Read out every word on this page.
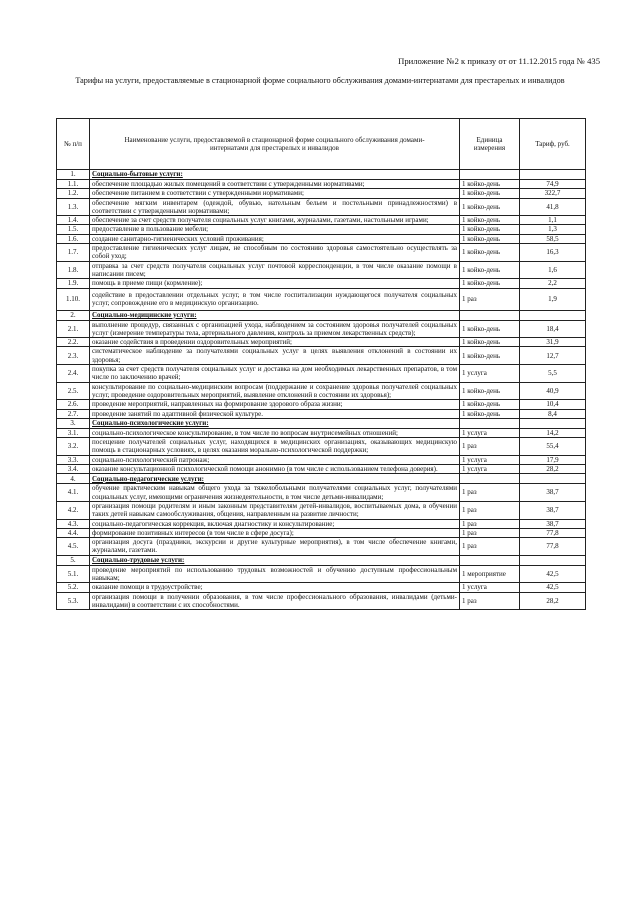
Приложение №2 к приказу от от 11.12.2015 года № 435
Тарифы на услуги, предоставляемые в стационарной форме социального обслуживания домами-интернатами для престарелых и инвалидов
№ п/п	Наименование услуги, предоставляемой в стационарной форме социального обслуживания домами-интернатами для престарелых и инвалидов	Единица измерения	Тариф, руб.
1.	Социально-бытовые услуги:		
1.1.	обеспечение площадью жилых помещений в соответствии с утвержденными нормативами;	1 койко-день	74,9
1.2.	обеспечение питанием в соответствии с утвержденными нормативами;	1 койко-день	322,7
1.3.	обеспечение мягким инвентарем (одеждой, обувью, нательным бельем и постельными принадлежностями) в соответствии с утвержденными нормативами;	1 койко-день	41,8
1.4.	обеспечение за счет средств получателя социальных услуг книгами, журналами, газетами, настольными играми;	1 койко-день	1,1
1.5.	предоставление в пользование мебели;	1 койко-день	1,3
1.6.	создание санитарно-гигиенических условий проживания;	1 койко-день	58,5
1.7.	предоставление гигиенических услуг лицам, не способным по состоянию здоровья самостоятельно осуществлять за собой уход;	1 койко-день	16,3
1.8.	отправка за счет средств получателя социальных услуг почтовой корреспонденции, в том числе оказание помощи в написании писем;	1 койко-день	1,6
1.9.	помощь в приеме пищи (кормление);	1 койко-день	2,2
1.10.	содействие в предоставлении отдельных услуг, в том числе госпитализации нуждающегося получателя социальных услуг, сопровождение его в медицинскую организацию.	1 раз	1,9
2.	Социально-медицинские услуги:		
2.1.	выполнение процедур, связанных с организацией ухода, наблюдением за состоянием здоровья получателей социальных услуг (измерение температуры тела, артериального давления, контроль за приемом лекарственных средств);	1 койко-день	18,4
2.2.	оказание содействия в проведении оздоровительных мероприятий;	1 койко-день	31,9
2.3.	систематическое наблюдение за получателями социальных услуг в целях выявления отклонений в состоянии их здоровья;	1 койко-день	12,7
2.4.	покупка за счет средств получателя социальных услуг и доставка на дом необходимых лекарственных препаратов, в том числе по заключению врачей;	1 услуга	5,5
2.5.	консультирование по социально-медицинским вопросам (поддержание и сохранение здоровья получателей социальных услуг, проведение оздоровительных мероприятий, выявление отклонений в состоянии их здоровья);	1 койко-день	40,9
2.6.	проведение мероприятий, направленных на формирование здорового образа жизни;	1 койко-день	10,4
2.7.	проведение занятий по адаптивной физической культуре.	1 койко-день	8,4
3.	Социально-психологические услуги:		
3.1.	социально-психологическое консультирование, в том числе по вопросам внутрисемейных отношений;	1 услуга	14,2
3.2.	посещение получателей социальных услуг, находящихся в медицинских организациях, оказывающих медицинскую помощь в стационарных условиях, в целях оказания морально-психологической поддержки;	1 раз	55,4
3.3.	социально-психологический патронаж;	1 услуга	17,9
3.4.	оказание консультационной психологической помощи анонимно (в том числе с использованием телефона доверия).	1 услуга	28,2
4.	Социально-педагогические услуги:		
4.1.	обучение практическим навыкам общего ухода за тяжелобольными получателями социальных услуг, получателями социальных услуг, имеющими ограничения жизнедеятельности, в том числе детьми-инвалидами;	1 раз	38,7
4.2.	организация помощи родителям и иным законным представителям детей-инвалидов, воспитываемых дома, в обучении таких детей навыкам самообслуживания, общения, направленным на развитие личности;	1 раз	38,7
4.3.	социально-педагогическая коррекция, включая диагностику и консультирование;	1 раз	38,7
4.4.	формирование позитивных интересов (в том числе в сфере досуга);	1 раз	77,8
4.5.	организация досуга (праздники, экскурсии и другие культурные мероприятия), в том числе обеспечение книгами, журналами, газетами.	1 раз	77,8
5.	Социально-трудовые услуги:		
5.1.	проведение мероприятий по использованию трудовых возможностей и обучению доступным профессиональным навыкам;	1 мероприятие	42,5
5.2.	оказание помощи в трудоустройстве;	1 услуга	42,5
5.3.	организация помощи в получении образования, в том числе профессионального образования, инвалидами (детьми-инвалидами) в соответствии с их способностями.	1 раз	28,2
